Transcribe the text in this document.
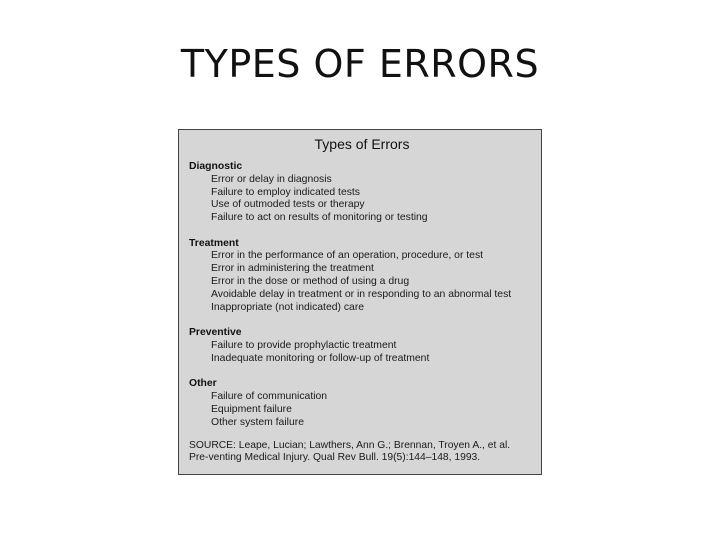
TYPES OF ERRORS
Types of Errors
Diagnostic
Error or delay in diagnosis
Failure to employ indicated tests
Use of outmoded tests or therapy
Failure to act on results of monitoring or testing
Treatment
Error in the performance of an operation, procedure, or test
Error in administering the treatment
Error in the dose or method of using a drug
Avoidable delay in treatment or in responding to an abnormal test
Inappropriate (not indicated) care
Preventive
Failure to provide prophylactic treatment
Inadequate monitoring or follow-up of treatment
Other
Failure of communication
Equipment failure
Other system failure
SOURCE: Leape, Lucian; Lawthers, Ann G.; Brennan, Troyen A., et al. Pre-venting Medical Injury. Qual Rev Bull. 19(5):144–148, 1993.
